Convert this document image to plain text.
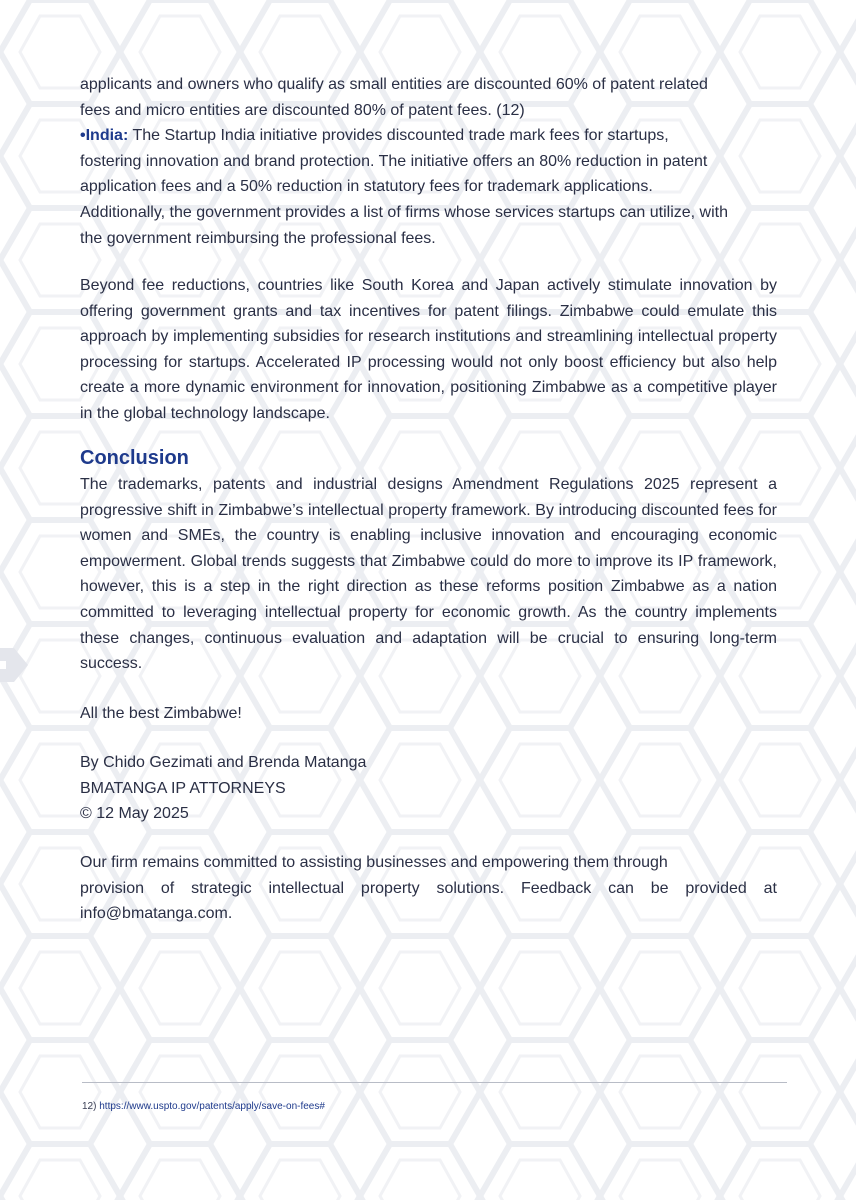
applicants and owners who qualify as small entities are discounted 60% of patent related
fees and micro entities are discounted 80% of patent fees. (12)
•India: The Startup India initiative provides discounted trade mark fees for startups,
fostering innovation and brand protection. The initiative offers an 80% reduction in patent
application fees and a 50% reduction in statutory fees for trademark applications.
Additionally, the government provides a list of firms whose services startups can utilize, with
the government reimbursing the professional fees.

Beyond fee reductions, countries like South Korea and Japan actively stimulate innovation by offering government grants and tax incentives for patent filings. Zimbabwe could emulate this approach by implementing subsidies for research institutions and streamlining intellectual property processing for startups. Accelerated IP processing would not only boost efficiency but also help create a more dynamic environment for innovation, positioning Zimbabwe as a competitive player in the global technology landscape.

Conclusion

The trademarks, patents and industrial designs Amendment Regulations 2025 represent a progressive shift in Zimbabwe’s intellectual property framework. By introducing discounted fees for women and SMEs, the country is enabling inclusive innovation and encouraging economic empowerment. Global trends suggests that Zimbabwe could do more to improve its IP framework, however, this is a step in the right direction as these reforms position Zimbabwe as a nation committed to leveraging intellectual property for economic growth. As the country implements these changes, continuous evaluation and adaptation will be crucial to ensuring long-term success.

All the best Zimbabwe!
By Chido Gezimati and Brenda Matanga
BMATANGA IP ATTORNEYS
© 12 May 2025
Our firm remains committed to assisting businesses and empowering them through
provision of strategic intellectual property solutions. Feedback can be provided at
info@bmatanga.com.
12) https://www.uspto.gov/patents/apply/save-on-fees#
